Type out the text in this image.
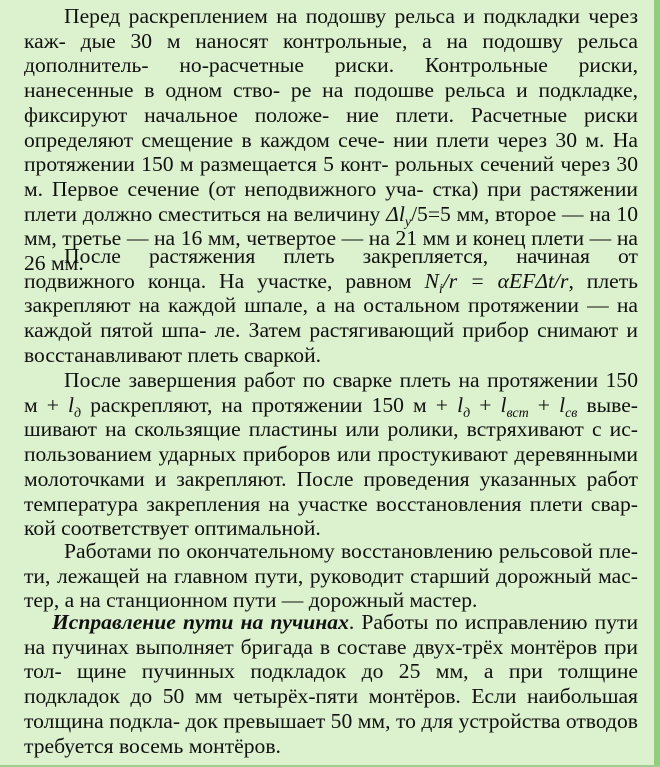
Перед раскреплением на подошву рельса и подкладки через каж- дые 30 м наносят контрольные, а на подошву рельса дополнитель- но-расчетные риски. Контрольные риски, нанесенные в одном ство- ре на подошве рельса и подкладке, фиксируют начальное положе- ние плети. Расчетные риски определяют смещение в каждом сече- нии плети через 30 м. На протяжении 150 м размещается 5 конт- рольных сечений через 30 м. Первое сечение (от неподвижного уча- стка) при растяжении плети должно сместиться на величину $\Delta l_y/5=5$ мм, второе — на 10 мм, третье — на 16 мм, четвертое — на 21 мм и конец плети — на 26 мм.

После растяжения плеть закрепляется, начиная от подвижного конца. На участке, равном $N_i/r = \alpha EF\Delta t/r$, плеть закрепляют на каждой шпале, а на остальном протяжении — на каждой пятой шпа- ле. Затем растягивающий прибор снимают и восстанавливают плеть сваркой.

После завершения работ по сварке плеть на протяжении 150 $м + l_д$ раскрепляют, на протяжении 150 $м + l_д + l_{вст} + l_{св}$ выве- шивают на скользящие пластины или ролики, встряхивают с ис- пользованием ударных приборов или простукивают деревянными молоточками и закрепляют. После проведения указанных работ температура закрепления на участке восстановления плети свар- кой соответствует оптимальной.

Работами по окончательному восстановлению рельсовой пле- ти, лежащей на главном пути, руководит старший дорожный мас- тер, а на станционном пути — дорожный мастер.

Исправление пути на пучинах. Работы по исправлению пути на пучинах выполняет бригада в составе двух-трёх монтёров при тол- щине пучинных подкладок до 25 мм, а при толщине подкладок до 50 мм четырёх-пяти монтёров. Если наибольшая толщина подкла- док превышает 50 мм, то для устройства отводов требуется восемь монтёров.
